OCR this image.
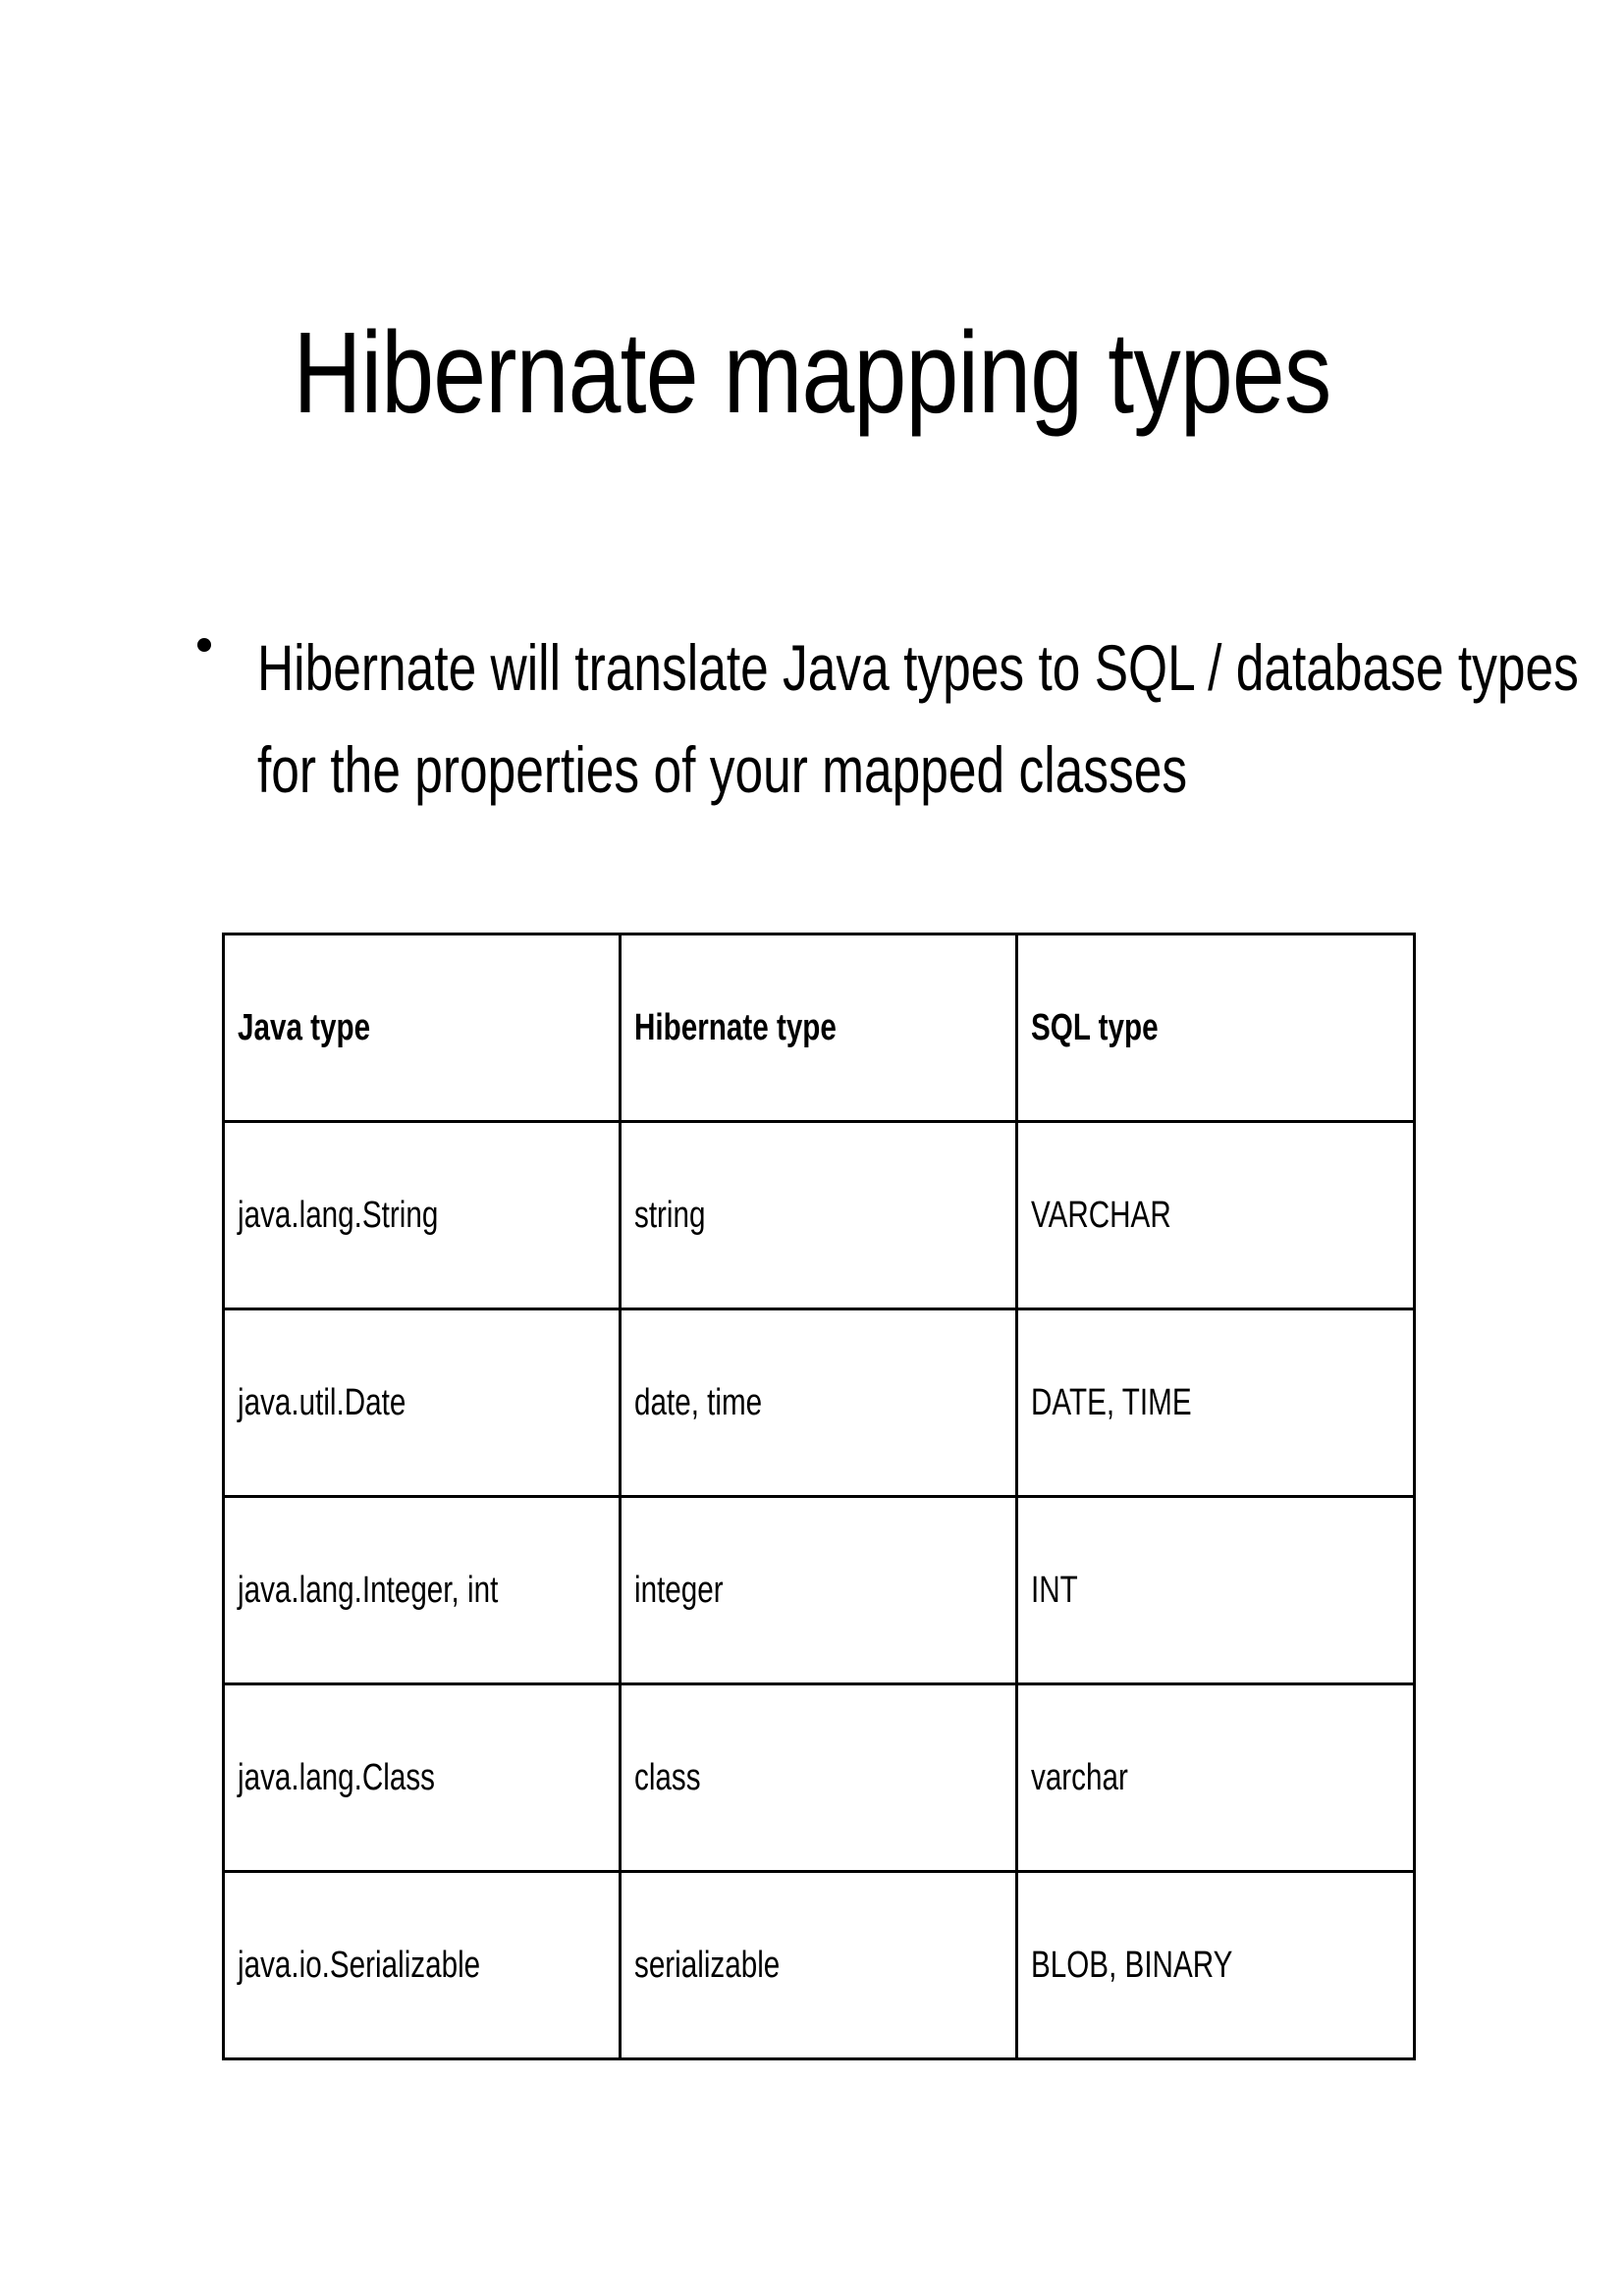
Hibernate mapping types
Hibernate will translate Java types to SQL / database types
for the properties of your mapped classes
Java type	Hibernate type	SQL type
java.lang.String	string	VARCHAR
java.util.Date	date, time	DATE, TIME
java.lang.Integer, int	integer	INT
java.lang.Class	class	varchar
java.io.Serializable	serializable	BLOB, BINARY
